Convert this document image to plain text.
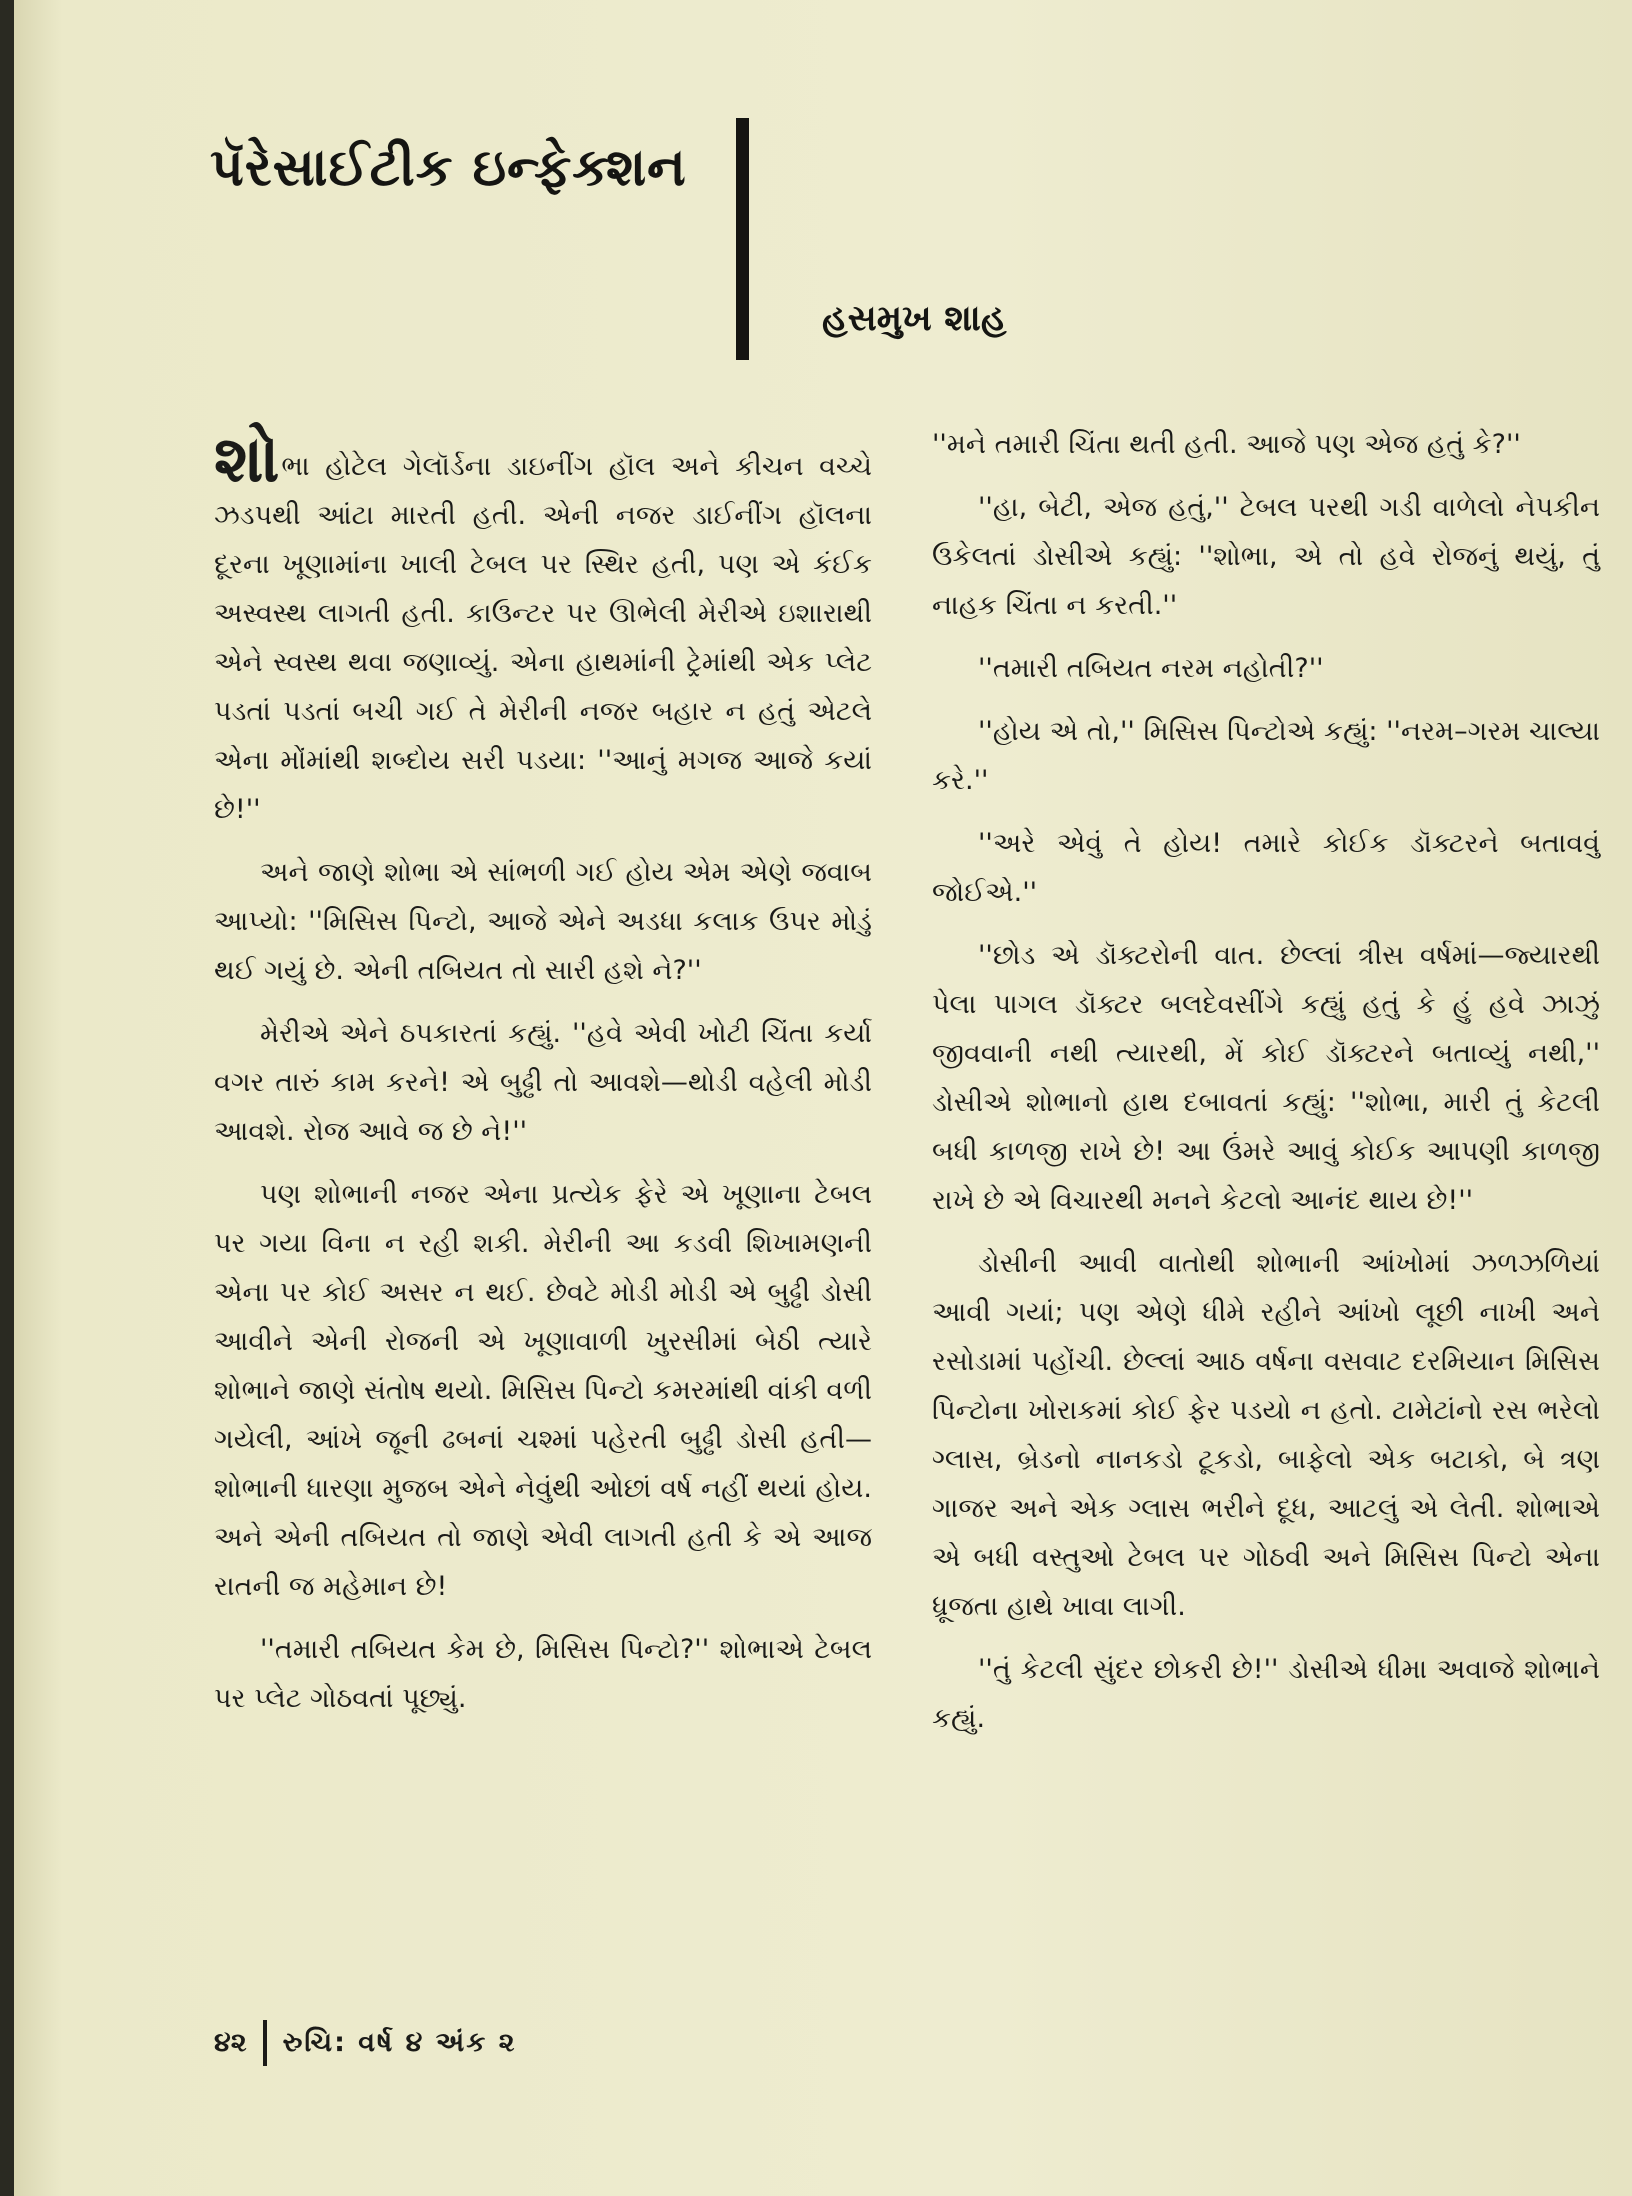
પૅરેસાઈટીક ઇન્ફેક્શન
હસમુખ શાહ

શોભા હોટેલ ગેલૉર્ડના ડાઇનીંગ હૉલ અને કીચન વચ્ચે ઝડપથી આંટા મારતી હતી. એની નજર ડાઈનીંગ હૉલના દૂરના ખૂણામાંના ખાલી ટેબલ પર સ્થિર હતી, પણ એ કંઈક અસ્વસ્થ લાગતી હતી. કાઉન્ટર પર ઊભેલી મેરીએ ઇશારાથી એને સ્વસ્થ થવા જણાવ્યું. એના હાથમાંની ટ્રેમાંથી એક પ્લેટ પડતાં પડતાં બચી ગઈ તે મેરીની નજર બહાર ન હતું એટલે એના મોંમાંથી શબ્દોય સરી પડયા: ''આનું મગજ આજે કયાં છે!''

અને જાણે શોભા એ સાંભળી ગઈ હોય એમ એણે જવાબ આપ્યો: ''મિસિસ પિન્ટો, આજે એને અડધા કલાક ઉપર મોડું થઈ ગયું છે. એની તબિયત તો સારી હશે ને?''

મેરીએ એને ઠપકારતાં કહ્યું. ''હવે એવી ખોટી ચિંતા કર્યા વગર તારું કામ કરને! એ બુઢ્ઢી તો આવશે—થોડી વહેલી મોડી આવશે. રોજ આવે જ છે ને!''

પણ શોભાની નજર એના પ્રત્યેક ફેરે એ ખૂણાના ટેબલ પર ગયા વિના ન રહી શકી. મેરીની આ કડવી શિખામણની એના પર કોઈ અસર ન થઈ. છેવટે મોડી મોડી એ બુઢ્ઢી ડોસી આવીને એની રોજની એ ખૂણાવાળી ખુરસીમાં બેઠી ત્યારે શોભાને જાણે સંતોષ થયો. મિસિસ પિન્ટો કમરમાંથી વાંકી વળી ગયેલી, આંખે જૂની ઢબનાં ચશ્માં પહેરતી બુઢ્ઢી ડોસી હતી—શોભાની ધારણા મુજબ એને નેવુંથી ઓછાં વર્ષ નહીં થયાં હોય. અને એની તબિયત તો જાણે એવી લાગતી હતી કે એ આજ રાતની જ મહેમાન છે!

''તમારી તબિયત કેમ છે, મિસિસ પિન્ટો?'' શોભાએ ટેબલ પર પ્લેટ ગોઠવતાં પૂછ્યું.

''મને તમારી ચિંતા થતી હતી. આજે પણ એજ હતું કે?''

''હા, બેટી, એજ હતું,'' ટેબલ પરથી ગડી વાળેલો નેપકીન ઉકેલતાં ડોસીએ કહ્યું: ''શોભા, એ તો હવે રોજનું થયું, તું નાહક ચિંતા ન કરતી.''

''તમારી તબિયત નરમ નહોતી?''

''હોય એ તો,'' મિસિસ પિન્ટોએ કહ્યું: ''નરમ–ગરમ ચાલ્યા કરે.''

''અરે એવું તે હોય! તમારે કોઈક ડૉક્ટરને બતાવવું જોઈએ.''

''છોડ એ ડૉક્ટરોની વાત. છેલ્લાં ત્રીસ વર્ષમાં—જ્યારથી પેલા પાગલ ડૉક્ટર બલદેવસીંગે કહ્યું હતું કે હું હવે ઝાઝું જીવવાની નથી ત્યારથી, મેં કોઈ ડૉક્ટરને બતાવ્યું નથી,'' ડોસીએ શોભાનો હાથ દબાવતાં કહ્યું: ''શોભા, મારી તું કેટલી બધી કાળજી રાખે છે! આ ઉંમરે આવું કોઈક આપણી કાળજી રાખે છે એ વિચારથી મનને કેટલો આનંદ થાય છે!''

ડોસીની આવી વાતોથી શોભાની આંખોમાં ઝળઝળિયાં આવી ગયાં; પણ એણે ધીમે રહીને આંખો લૂછી નાખી અને રસોડામાં પહોંચી. છેલ્લાં આઠ વર્ષના વસવાટ દરમિયાન મિસિસ પિન્ટોના ખોરાકમાં કોઈ ફેર પડયો ન હતો. ટામેટાંનો રસ ભરેલો ગ્લાસ, બ્રેડનો નાનકડો ટૂકડો, બાફેલો એક બટાકો, બે ત્રણ ગાજર અને એક ગ્લાસ ભરીને દૂધ, આટલું એ લેતી. શોભાએ એ બધી વસ્તુઓ ટેબલ પર ગોઠવી અને મિસિસ પિન્ટો એના ધ્રૂજતા હાથે ખાવા લાગી.

''તું કેટલી સુંદર છોકરી છે!'' ડોસીએ ધીમા અવાજે શોભાને કહ્યું.

૪૨ રુચિ: વર્ષ ૪ અંક ૨
